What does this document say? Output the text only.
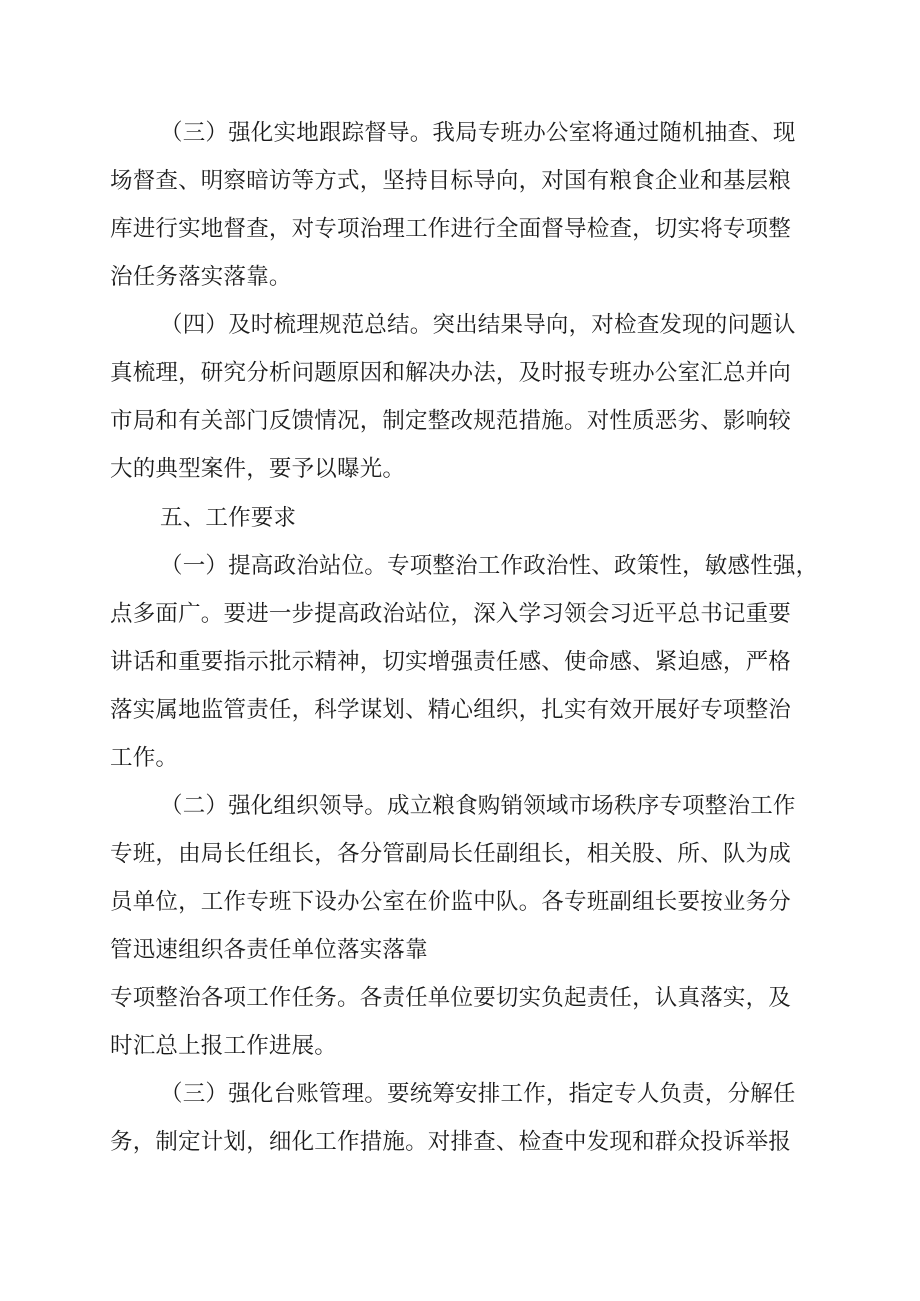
（三）强化实地跟踪督导。我局专班办公室将通过随机抽查、现
场督查、明察暗访等方式，坚持目标导向，对国有粮食企业和基层粮
库进行实地督查，对专项治理工作进行全面督导检查，切实将专项整
治任务落实落靠。
（四）及时梳理规范总结。突出结果导向，对检查发现的问题认
真梳理，研究分析问题原因和解决办法，及时报专班办公室汇总并向
市局和有关部门反馈情况，制定整改规范措施。对性质恶劣、影响较
大的典型案件，要予以曝光。
五、工作要求
（一）提高政治站位。专项整治工作政治性、政策性，敏感性强，
点多面广。要进一步提高政治站位，深入学习领会习近平总书记重要
讲话和重要指示批示精神，切实增强责任感、使命感、紧迫感，严格
落实属地监管责任，科学谋划、精心组织，扎实有效开展好专项整治
工作。
（二）强化组织领导。成立粮食购销领域市场秩序专项整治工作
专班，由局长任组长，各分管副局长任副组长，相关股、所、队为成
员单位，工作专班下设办公室在价监中队。各专班副组长要按业务分
管迅速组织各责任单位落实落靠
专项整治各项工作任务。各责任单位要切实负起责任，认真落实，及
时汇总上报工作进展。
（三）强化台账管理。要统筹安排工作，指定专人负责，分解任
务，制定计划，细化工作措施。对排查、检查中发现和群众投诉举报
